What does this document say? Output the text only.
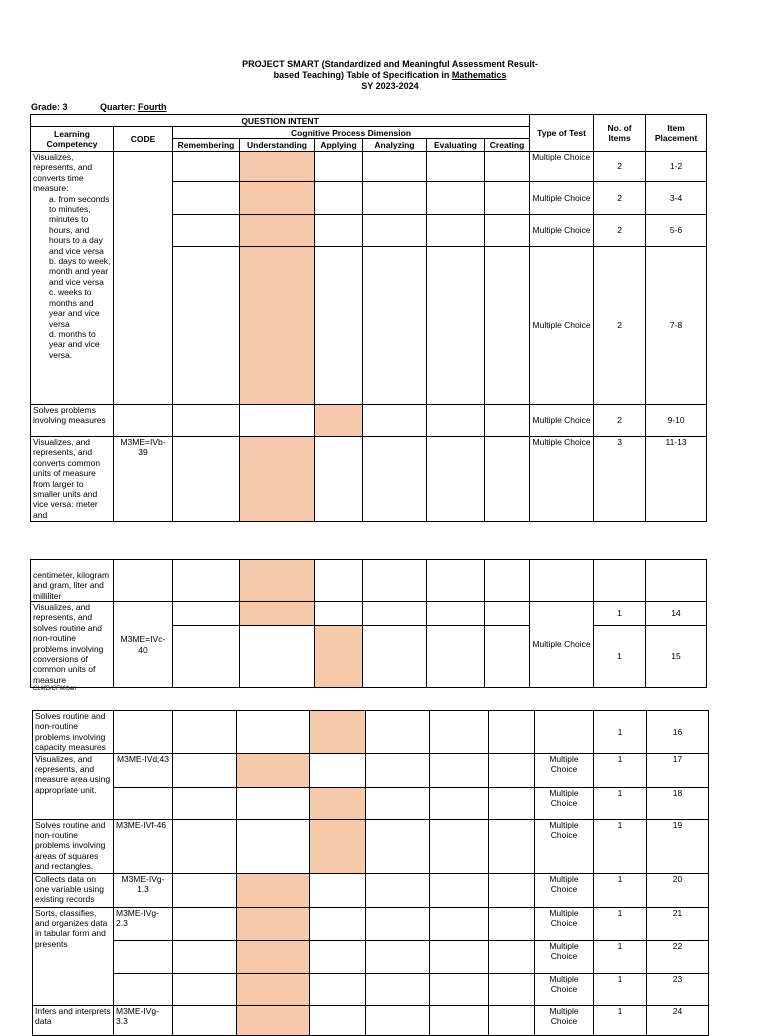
PROJECT SMART (Standardized and Meaningful Assessment Result-
based Teaching) Table of Specification in Mathematics
SY 2023-2024
Grade: 3	Quarter: Fourth
QUESTION INTENT								Type of Test	No. of Items	Item Placement
Learning Competency	CODE	Cognitive Process Dimension								
		Remembering	Understanding	Applying	Analyzing	Evaluating	Creating			

Visualizes, represents, and converts time measure:
a. from seconds to minutes, minutes to hours, and hours to a day and vice versa
b. days to week, month and year and vice versa
c. weeks to months and year and vice versa
d. months to year and vice versa.								Multiple Choice	2	1-2
								Multiple Choice	2	3-4
								Multiple Choice	2	5-6
								Multiple Choice	2	7-8
Solves problems involving measures								Multiple Choice	2	9-10
Visualizes, and represents, and converts common units of measure from larger to smaller units and vice versa: meter and	M3ME=IVb-39							Multiple Choice	3	11-13
centimeter, kilogram and gram, liter and milliliter										
Visualizes, and represents, and solves routine and non-routine problems involving conversions of common units of measure	M3ME=IVc-40							Multiple Choice	1	14
									1	15
CLMD/CFM/ban
Solves routine and non-routine problems involving capacity measures									1	16
Visualizes, and represents, and measure area using appropriate unit.	M3ME-IVd;43							Multiple Choice	1	17
								Multiple Choice	1	18
Solves routine and non-routine problems involving areas of squares and rectangles.	M3ME-IVf-46							Multiple Choice	1	19
Collects data on one variable using existing records	M3ME-IVg-1.3							Multiple Choice	1	20
Sorts, classifies, and organizes data in tabular form and presents	M3ME-IVg-2.3							Multiple Choice	1	21
								Multiple Choice	1	22
								Multiple Choice	1	23
Infers and interprets data	M3ME-IVg-3.3							Multiple Choice	1	24
